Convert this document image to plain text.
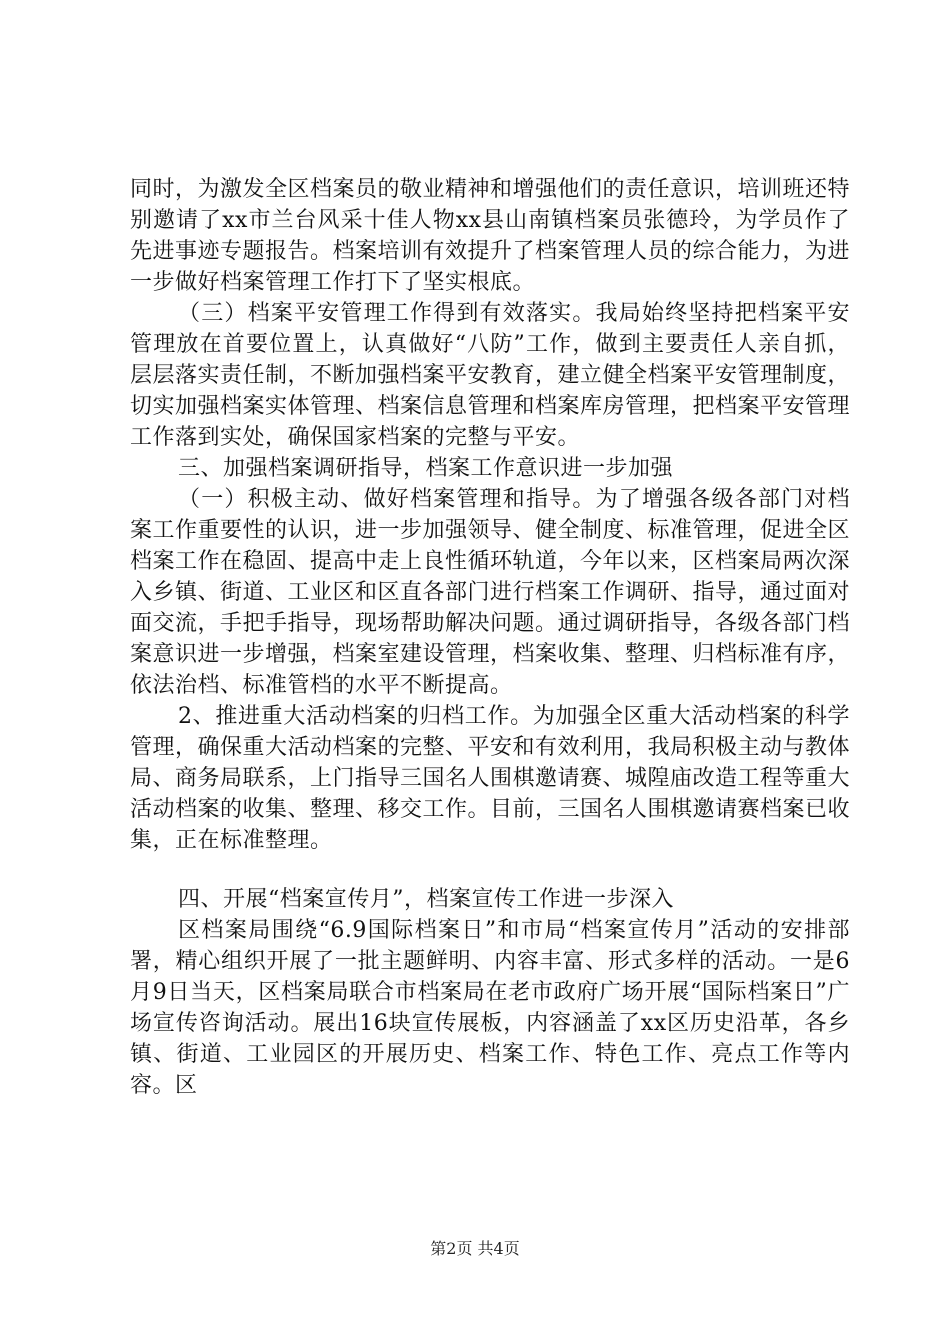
同时，为激发全区档案员的敬业精神和增强他们的责任意识，培训班还特别邀请了xx市兰台风采十佳人物xx县山南镇档案员张德玲，为学员作了先进事迹专题报告。档案培训有效提升了档案管理人员的综合能力，为进一步做好档案管理工作打下了坚实根底。

（三）档案平安管理工作得到有效落实。我局始终坚持把档案平安管理放在首要位置上，认真做好“八防”工作，做到主要责任人亲自抓，层层落实责任制，不断加强档案平安教育，建立健全档案平安管理制度，切实加强档案实体管理、档案信息管理和档案库房管理，把档案平安管理工作落到实处，确保国家档案的完整与平安。

三、加强档案调研指导，档案工作意识进一步加强

（一）积极主动、做好档案管理和指导。为了增强各级各部门对档案工作重要性的认识，进一步加强领导、健全制度、标准管理，促进全区档案工作在稳固、提高中走上良性循环轨道，今年以来，区档案局两次深入乡镇、街道、工业区和区直各部门进行档案工作调研、指导，通过面对面交流，手把手指导，现场帮助解决问题。通过调研指导，各级各部门档案意识进一步增强，档案室建设管理，档案收集、整理、归档标准有序，依法治档、标准管档的水平不断提高。

2、推进重大活动档案的归档工作。为加强全区重大活动档案的科学管理，确保重大活动档案的完整、平安和有效利用，我局积极主动与教体局、商务局联系，上门指导三国名人围棋邀请赛、城隍庙改造工程等重大活动档案的收集、整理、移交工作。目前，三国名人围棋邀请赛档案已收集，正在标准整理。

四、开展“档案宣传月”，档案宣传工作进一步深入

区档案局围绕“6.9国际档案日”和市局“档案宣传月”活动的安排部署，精心组织开展了一批主题鲜明、内容丰富、形式多样的活动。一是6月9日当天，区档案局联合市档案局在老市政府广场开展“国际档案日”广场宣传咨询活动。展出16块宣传展板，内容涵盖了xx区历史沿革，各乡镇、街道、工业园区的开展历史、档案工作、特色工作、亮点工作等内容。区

第2页 共4页
